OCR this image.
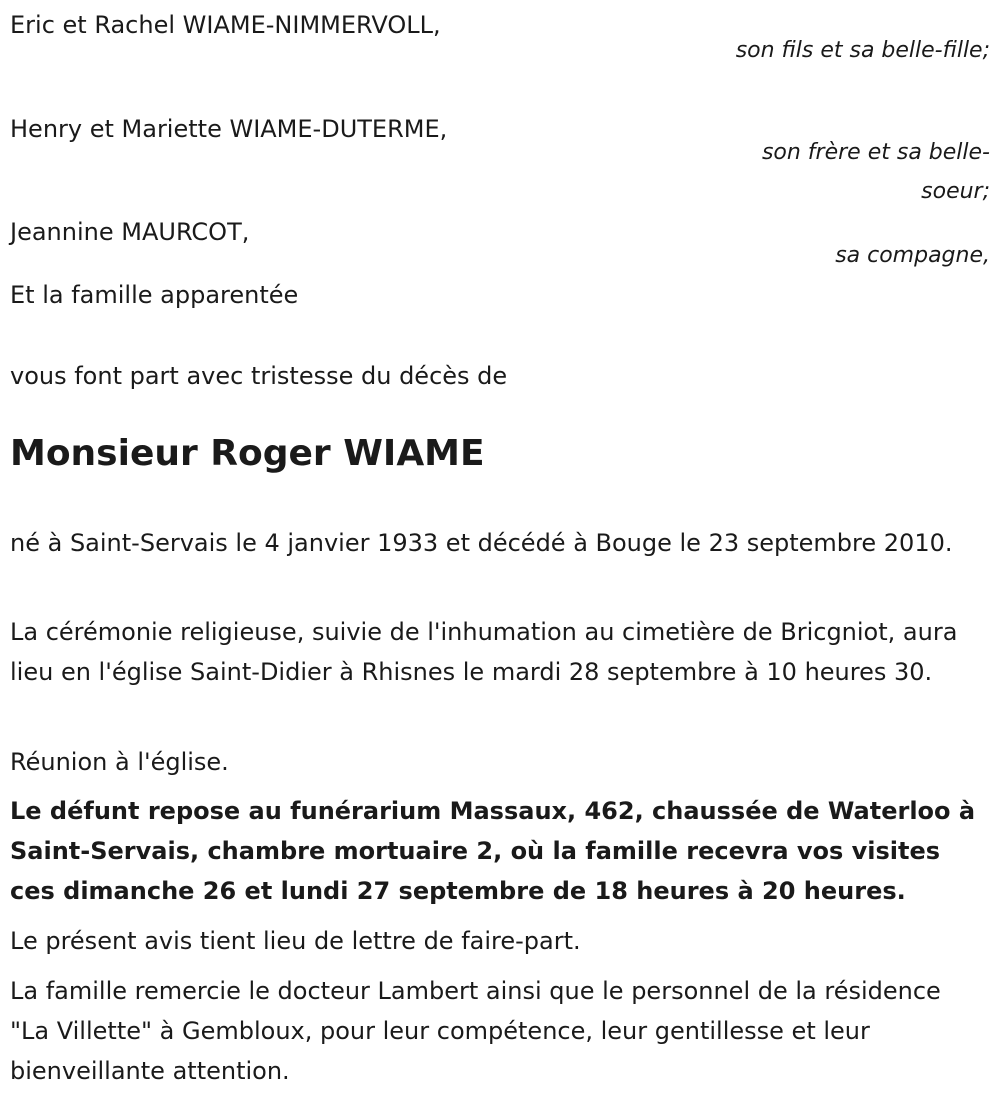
Eric et Rachel WIAME-NIMMERVOLL,
son fils et sa belle-fille;
Henry et Mariette WIAME-DUTERME,
son frère et sa belle-soeur;
Jeannine MAURCOT,
sa compagne,
Et la famille apparentée

vous font part avec tristesse du décès de

Monsieur Roger WIAME

né à Saint-Servais le 4 janvier 1933 et décédé à Bouge le 23 septembre 2010.

La cérémonie religieuse, suivie de l'inhumation au cimetière de Bricgniot, aura lieu en l'église Saint-Didier à Rhisnes le mardi 28 septembre à 10 heures 30.

Réunion à l'église.

Le défunt repose au funérarium Massaux, 462, chaussée de Waterloo à Saint-Servais, chambre mortuaire 2, où la famille recevra vos visites ces dimanche 26 et lundi 27 septembre de 18 heures à 20 heures.

Le présent avis tient lieu de lettre de faire-part.

La famille remercie le docteur Lambert ainsi que le personnel de la résidence "La Villette" à Gembloux, pour leur compétence, leur gentillesse et leur bienveillante attention.
